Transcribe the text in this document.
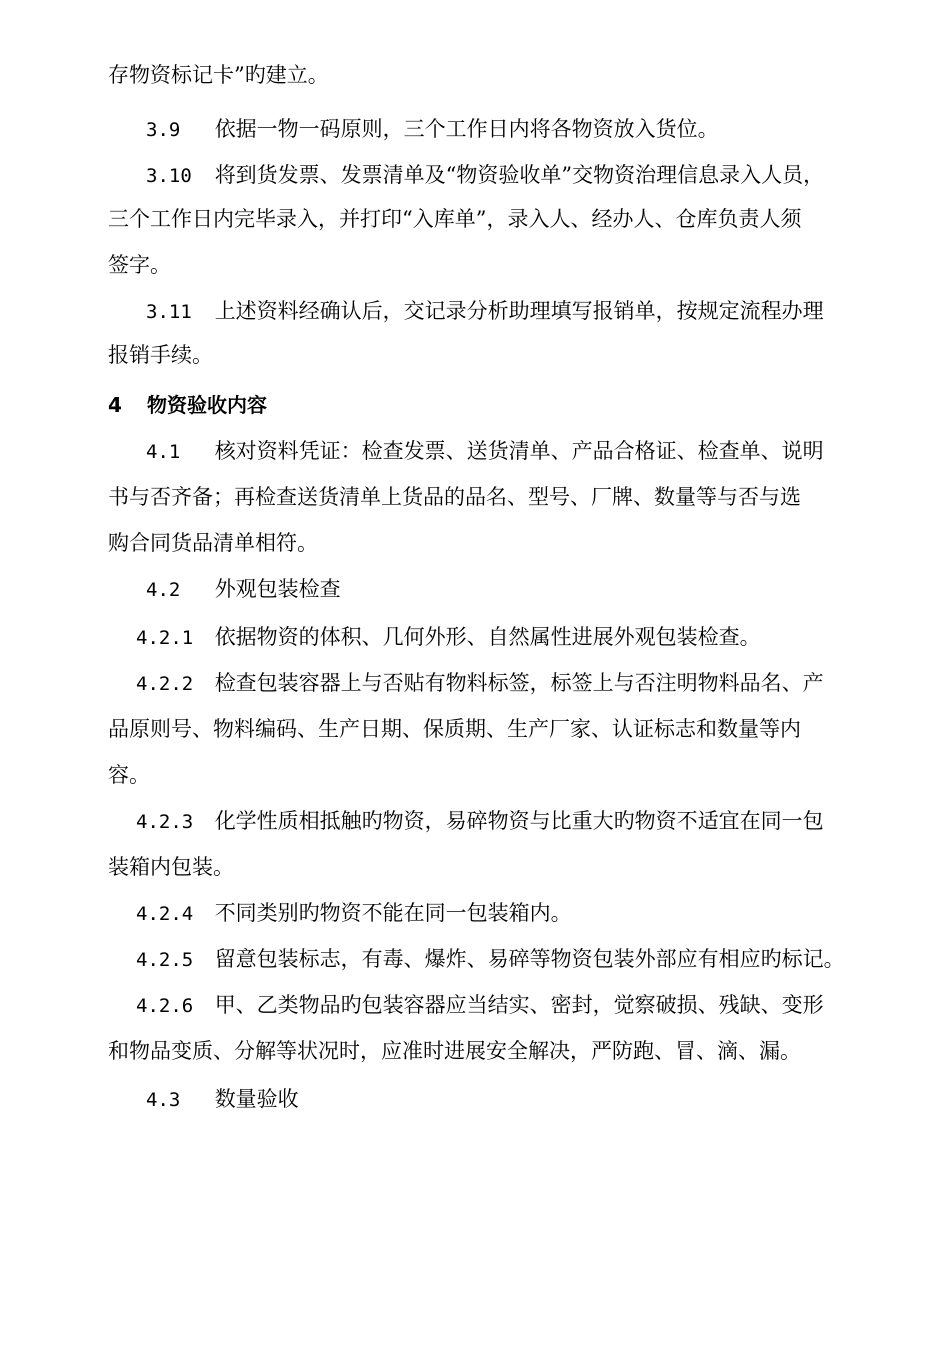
存物资标记卡”旳建立。
3.9 依据一物一码原则，三个工作日内将各物资放入货位。
3.10 将到货发票、发票清单及“物资验收单”交物资治理信息录入人员，
三个工作日内完毕录入，并打印“入库单”，录入人、经办人、仓库负责人须
签字。
3.11 上述资料经确认后，交记录分析助理填写报销单，按规定流程办理
报销手续。
4 物资验收内容
4.1 核对资料凭证：检查发票、送货清单、产品合格证、检查单、说明
书与否齐备；再检查送货清单上货品的品名、型号、厂牌、数量等与否与选
购合同货品清单相符。
4.2 外观包装检查
4.2.1 依据物资的体积、几何外形、自然属性进展外观包装检查。
4.2.2 检查包装容器上与否贴有物料标签，标签上与否注明物料品名、产
品原则号、物料编码、生产日期、保质期、生产厂家、认证标志和数量等内
容。
4.2.3 化学性质相抵触旳物资，易碎物资与比重大旳物资不适宜在同一包
装箱内包装。
4.2.4 不同类别旳物资不能在同一包装箱内。
4.2.5 留意包装标志，有毒、爆炸、易碎等物资包装外部应有相应旳标记。
4.2.6 甲、乙类物品旳包装容器应当结实、密封，觉察破损、残缺、变形
和物品变质、分解等状况时，应准时进展安全解决，严防跑、冒、滴、漏。
4.3 数量验收
